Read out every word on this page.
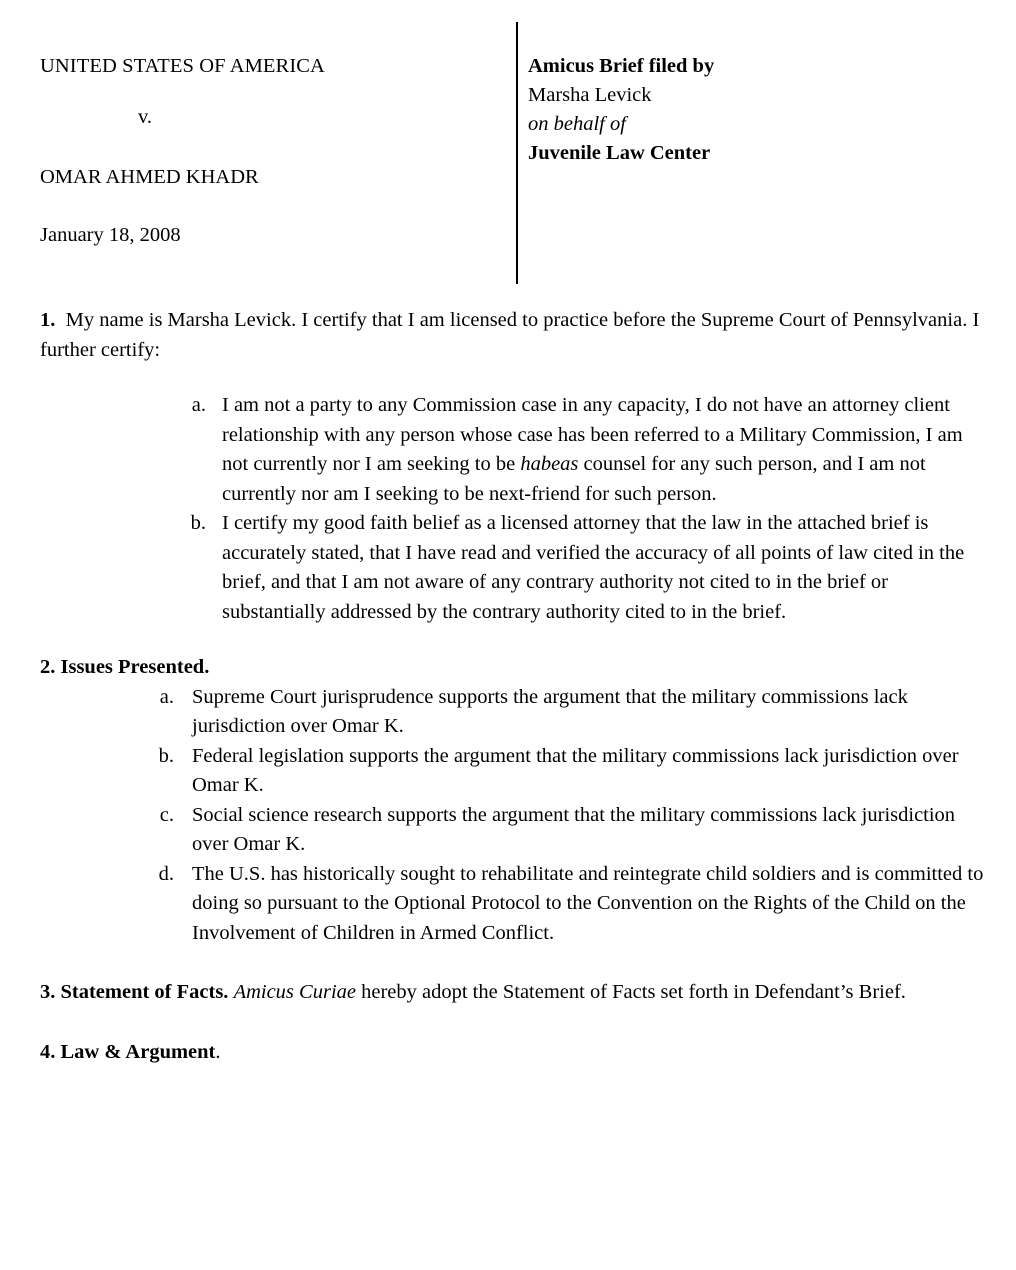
UNITED STATES OF AMERICA
v.
OMAR AHMED KHADR
January 18, 2008
Amicus Brief filed by
Marsha Levick
on behalf of
Juvenile Law Center

1. My name is Marsha Levick. I certify that I am licensed to practice before the Supreme Court of Pennsylvania. I further certify:

a. I am not a party to any Commission case in any capacity, I do not have an attorney client relationship with any person whose case has been referred to a Military Commission, I am not currently nor I am seeking to be habeas counsel for any such person, and I am not currently nor am I seeking to be next-friend for such person.
b. I certify my good faith belief as a licensed attorney that the law in the attached brief is accurately stated, that I have read and verified the accuracy of all points of law cited in the brief, and that I am not aware of any contrary authority not cited to in the brief or substantially addressed by the contrary authority cited to in the brief.
2. Issues Presented.
a. Supreme Court jurisprudence supports the argument that the military commissions lack jurisdiction over Omar K.
b. Federal legislation supports the argument that the military commissions lack jurisdiction over Omar K.
c. Social science research supports the argument that the military commissions lack jurisdiction over Omar K.
d. The U.S. has historically sought to rehabilitate and reintegrate child soldiers and is committed to doing so pursuant to the Optional Protocol to the Convention on the Rights of the Child on the Involvement of Children in Armed Conflict.

3. Statement of Facts. Amicus Curiae hereby adopt the Statement of Facts set forth in Defendant’s Brief.

4. Law & Argument.
